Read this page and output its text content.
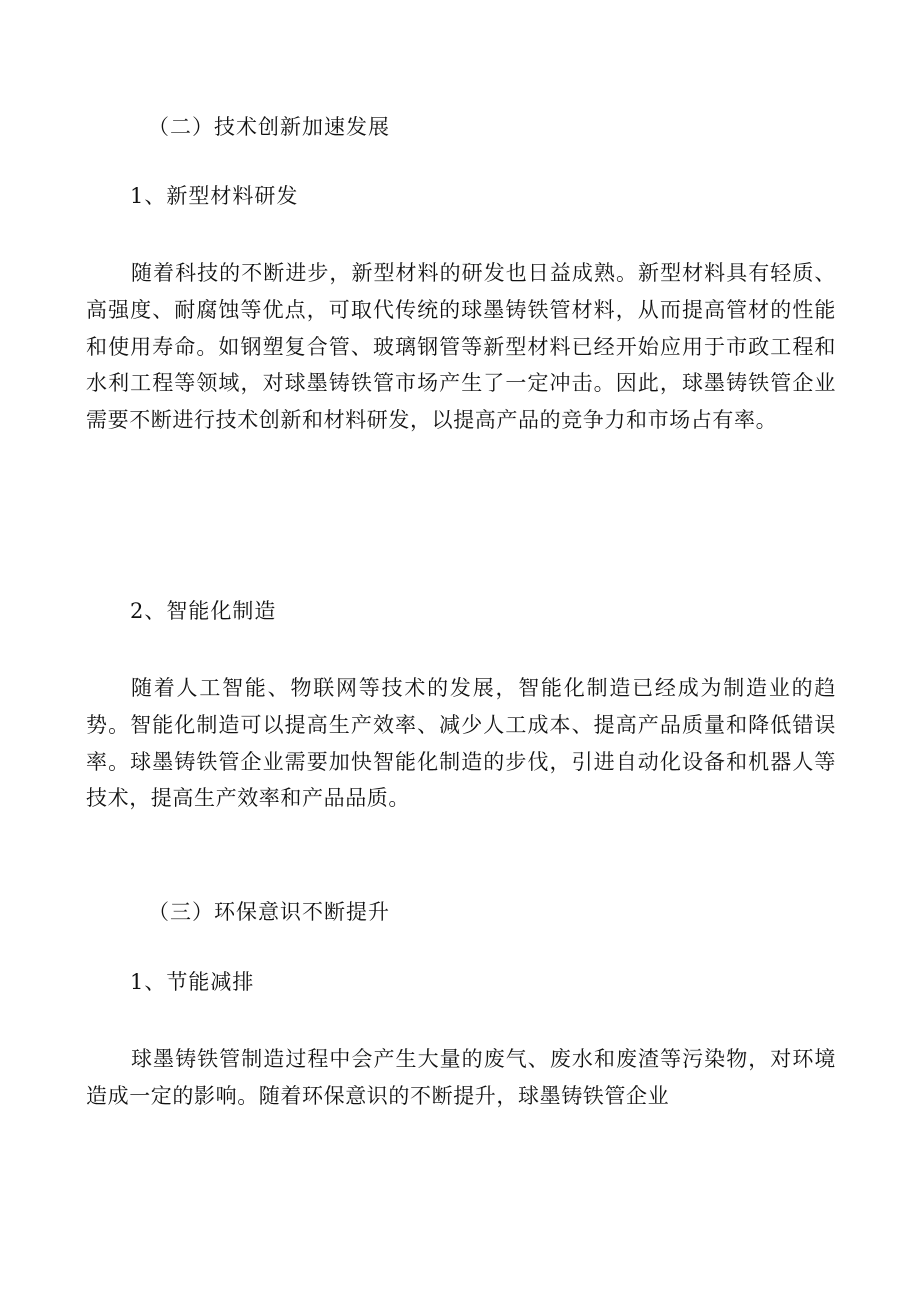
（二）技术创新加速发展
1、新型材料研发

随着科技的不断进步，新型材料的研发也日益成熟。新型材料具有轻质、高强度、耐腐蚀等优点，可取代传统的球墨铸铁管材料，从而提高管材的性能和使用寿命。如钢塑复合管、玻璃钢管等新型材料已经开始应用于市政工程和水利工程等领域，对球墨铸铁管市场产生了一定冲击。因此，球墨铸铁管企业需要不断进行技术创新和材料研发，以提高产品的竞争力和市场占有率。

2、智能化制造

随着人工智能、物联网等技术的发展，智能化制造已经成为制造业的趋势。智能化制造可以提高生产效率、减少人工成本、提高产品质量和降低错误率。球墨铸铁管企业需要加快智能化制造的步伐，引进自动化设备和机器人等技术，提高生产效率和产品品质。

（三）环保意识不断提升
1、节能减排

球墨铸铁管制造过程中会产生大量的废气、废水和废渣等污染物，对环境造成一定的影响。随着环保意识的不断提升，球墨铸铁管企业
